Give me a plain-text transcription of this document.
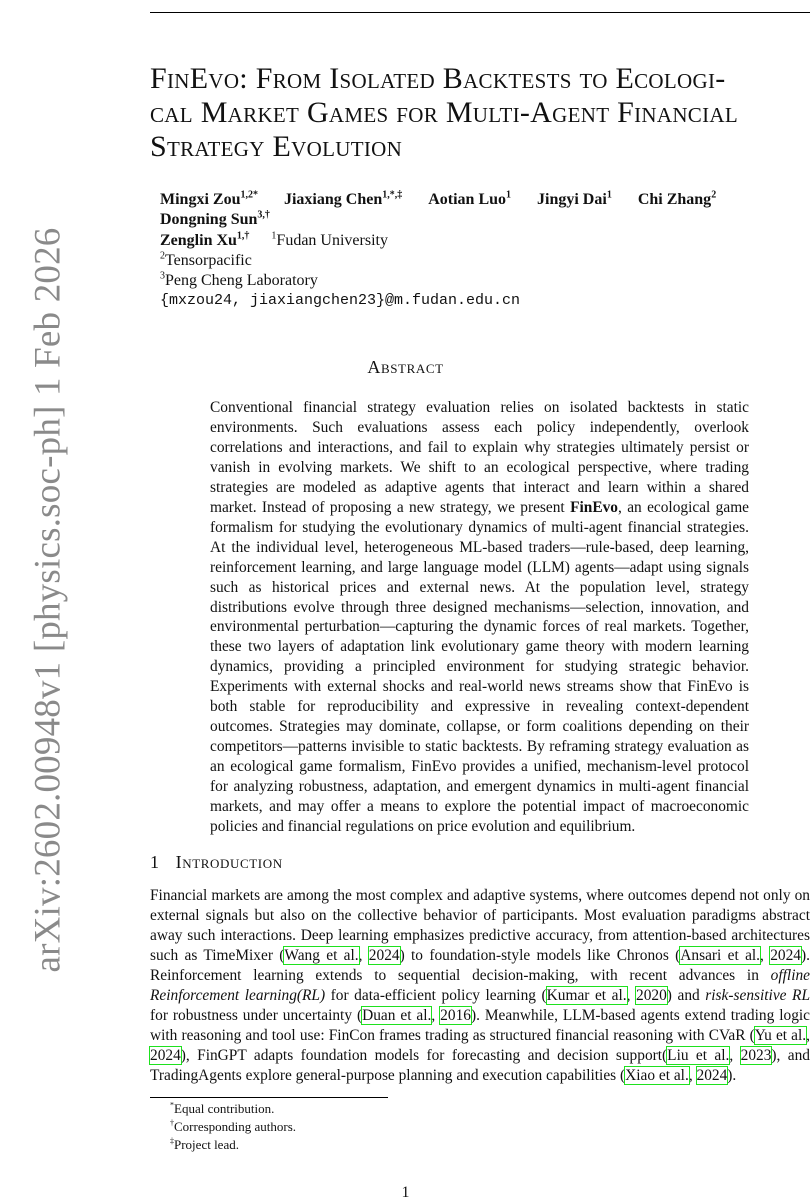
arXiv:2602.00948v1 [physics.soc-ph] 1 Feb 2026
FinEvo: From Isolated Backtests to Ecologi-
cal Market Games for Multi-Agent Financial
Strategy Evolution
Mingxi Zou$^{1,2*}$ Jiaxiang Chen$^{1,*,\ddagger}$ Aotian Luo$^1$ Jingyi Dai$^1$ Chi Zhang$^2$
Dongning Sun$^{3,\dagger}$
Zenglin $Xu^{1,\dagger}$ $^1$Fudan University
$^2$Tensorpacific
$^3$Peng Cheng Laboratory
{mxzou24, jiaxiangchen23}@m.fudan.edu.cn
Abstract
Conventional financial strategy evaluation relies on isolated backtests in static environments. Such evaluations assess each policy independently, overlook correlations and interactions, and fail to explain why strategies ultimately persist or vanish in evolving markets. We shift to an ecological perspective, where trading strategies are modeled as adaptive agents that interact and learn within a shared market. Instead of proposing a new strategy, we present FinEvo, an ecological game formalism for studying the evolutionary dynamics of multi-agent financial strategies. At the individual level, heterogeneous ML-based traders—rule-based, deep learning, reinforcement learning, and large language model (LLM) agents—adapt using signals such as historical prices and external news. At the population level, strategy distributions evolve through three designed mechanisms—selection, innovation, and environmental perturbation—capturing the dynamic forces of real markets. Together, these two layers of adaptation link evolutionary game theory with modern learning dynamics, providing a principled environment for studying strategic behavior. Experiments with external shocks and real-world news streams show that FinEvo is both stable for reproducibility and expressive in revealing context-dependent outcomes. Strategies may dominate, collapse, or form coalitions depending on their competitors—patterns invisible to static backtests. By reframing strategy evaluation as an ecological game formalism, FinEvo provides a unified, mechanism-level protocol for analyzing robustness, adaptation, and emergent dynamics in multi-agent financial markets, and may offer a means to explore the potential impact of macroeconomic policies and financial regulations on price evolution and equilibrium.
1 Introduction
Financial markets are among the most complex and adaptive systems, where outcomes depend not only on external signals but also on the collective behavior of participants. Most evaluation paradigms abstract away such interactions. Deep learning emphasizes predictive accuracy, from attention-based architectures such as TimeMixer (Wang et al., 2024) to foundation-style models like Chronos (Ansari et al., 2024). Reinforcement learning extends to sequential decision-making, with recent advances in offline Reinforcement learning(RL) for data-efficient policy learning (Kumar et al., 2020) and risk-sensitive RL for robustness under uncertainty (Duan et al., 2016). Meanwhile, LLM-based agents extend trading logic with reasoning and tool use: FinCon frames trading as structured financial reasoning with CVaR (Yu et al., 2024), FinGPT adapts foundation models for forecasting and decision support(Liu et al., 2023), and TradingAgents explore general-purpose planning and execution capabilities (Xiao et al., 2024).
*Equal contribution.
†Corresponding authors.
‡Project lead.
1
